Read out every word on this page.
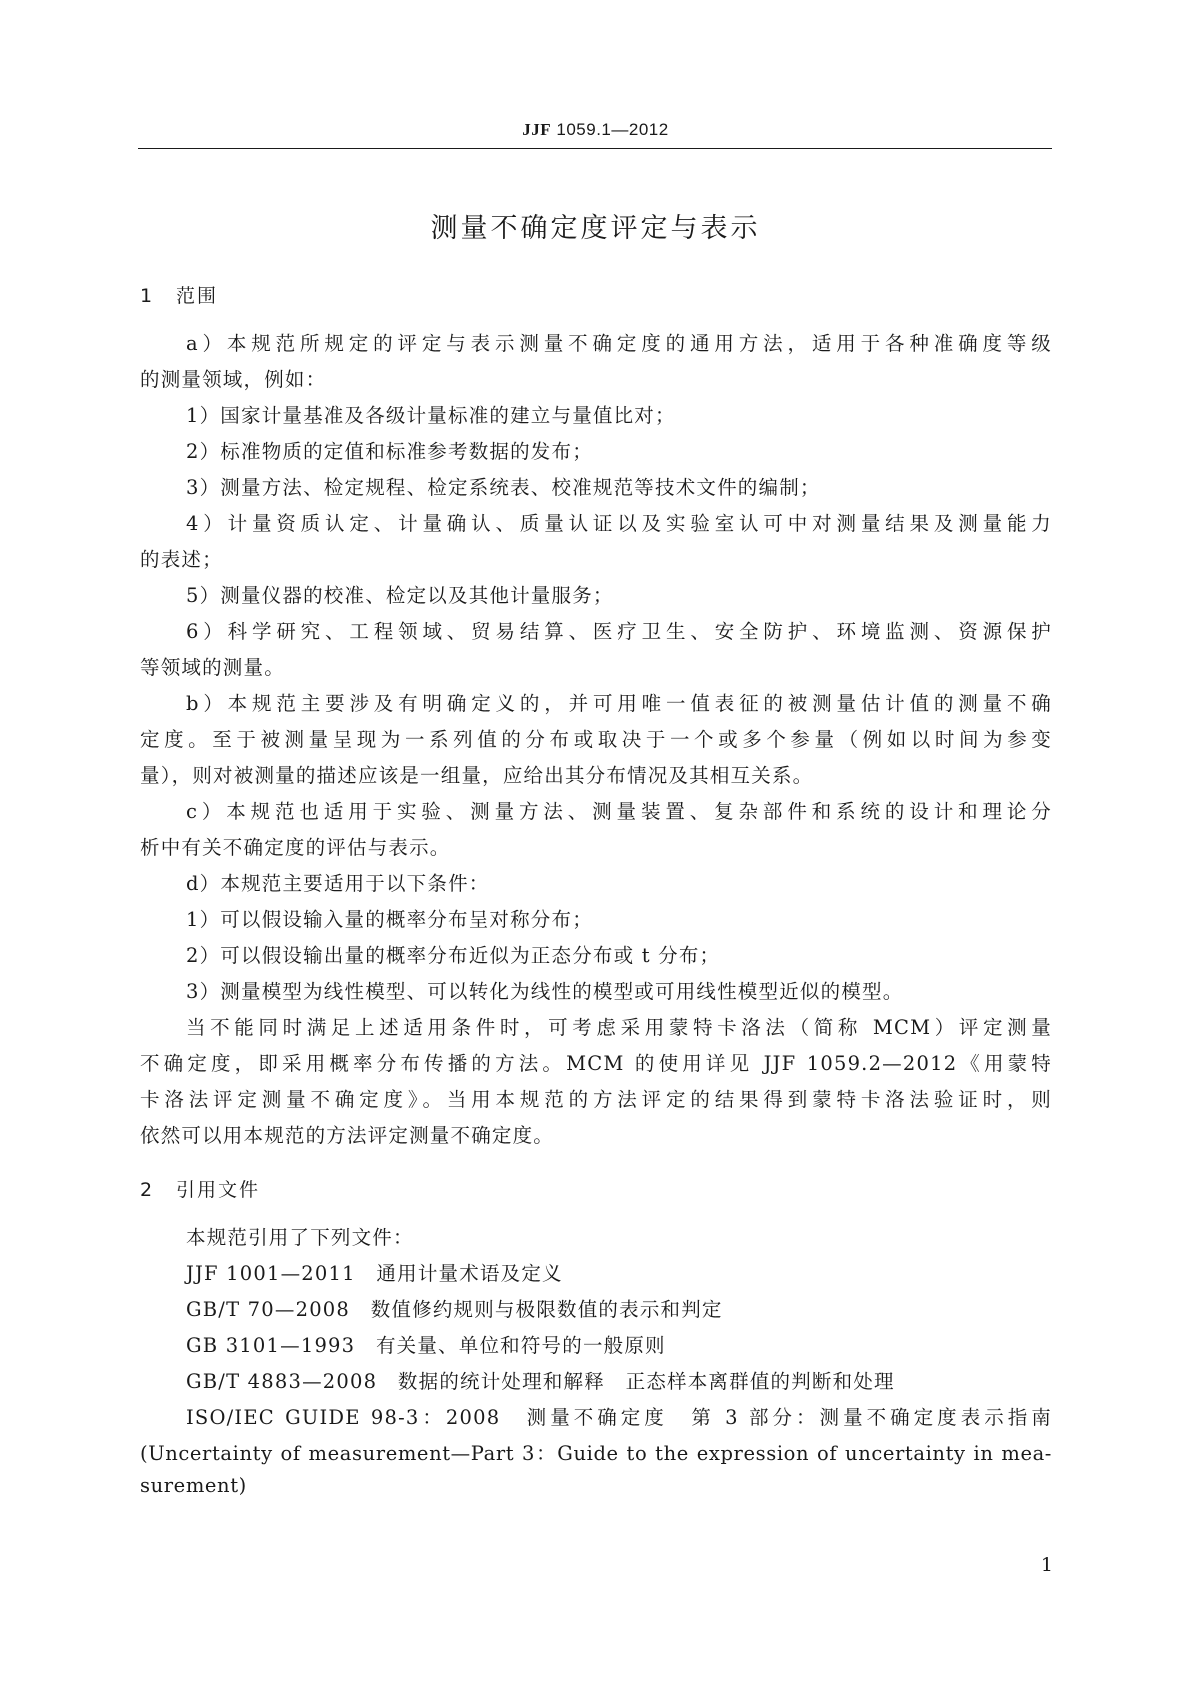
JJF 1059.1—2012
测量不确定度评定与表示
1 范围
a）本规范所规定的评定与表示测量不确定度的通用方法，适用于各种准确度等级
的测量领域，例如：
1）国家计量基准及各级计量标准的建立与量值比对；
2）标准物质的定值和标准参考数据的发布；
3）测量方法、检定规程、检定系统表、校准规范等技术文件的编制；
4）计量资质认定、计量确认、质量认证以及实验室认可中对测量结果及测量能力
的表述；
5）测量仪器的校准、检定以及其他计量服务；
6）科学研究、工程领域、贸易结算、医疗卫生、安全防护、环境监测、资源保护
等领域的测量。
b）本规范主要涉及有明确定义的，并可用唯一值表征的被测量估计值的测量不确
定度。至于被测量呈现为一系列值的分布或取决于一个或多个参量（例如以时间为参变
量），则对被测量的描述应该是一组量，应给出其分布情况及其相互关系。
c）本规范也适用于实验、测量方法、测量装置、复杂部件和系统的设计和理论分
析中有关不确定度的评估与表示。
d）本规范主要适用于以下条件：
1）可以假设输入量的概率分布呈对称分布；
2）可以假设输出量的概率分布近似为正态分布或 t 分布；
3）测量模型为线性模型、可以转化为线性的模型或可用线性模型近似的模型。
当不能同时满足上述适用条件时，可考虑采用蒙特卡洛法（简称 MCM）评定测量
不确定度，即采用概率分布传播的方法。MCM 的使用详见 JJF 1059.2—2012《用蒙特
卡洛法评定测量不确定度》。当用本规范的方法评定的结果得到蒙特卡洛法验证时，则
依然可以用本规范的方法评定测量不确定度。
2 引用文件
本规范引用了下列文件：
JJF 1001—2011　通用计量术语及定义
GB/T 70—2008　数值修约规则与极限数值的表示和判定
GB 3101—1993　有关量、单位和符号的一般原则
GB/T 4883—2008　数据的统计处理和解释　正态样本离群值的判断和处理
ISO/IEC GUIDE 98-3：2008　测量不确定度　第 3 部分：测量不确定度表示指南
(Uncertainty of measurement—Part 3：Guide to the expression of uncertainty in mea-
surement)
1
